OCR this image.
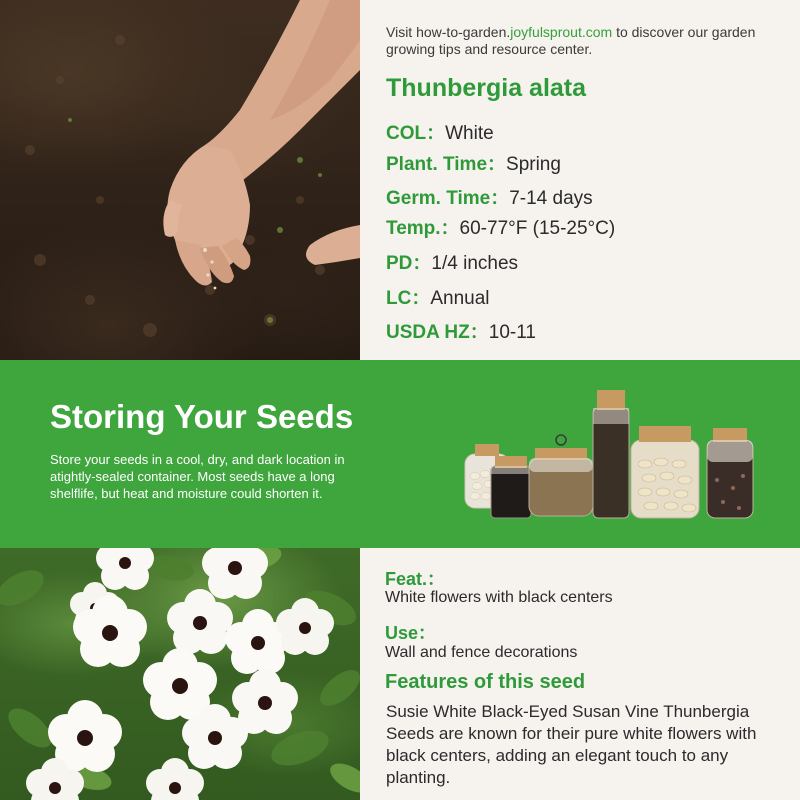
Visit how-to-garden.joyfulsprout.com to discover our garden growing tips and resource center.
Thunbergia alata
COL：White
Plant. Time：Spring
Germ. Time：7-14 days
Temp.：60-77°F (15-25°C)
PD：1/4 inches
LC：Annual
USDA HZ：10-11
Storing Your Seeds
Store your seeds in a cool, dry, and dark location in atightly-sealed container. Most seeds have a long shelflife, but heat and moisture could shorten it.
Feat.：
White flowers with black centers
Use：
Wall and fence decorations
Features of this seed
Susie White Black-Eyed Susan Vine Thunbergia Seeds are known for their pure white flowers with black centers, adding an elegant touch to any planting.
